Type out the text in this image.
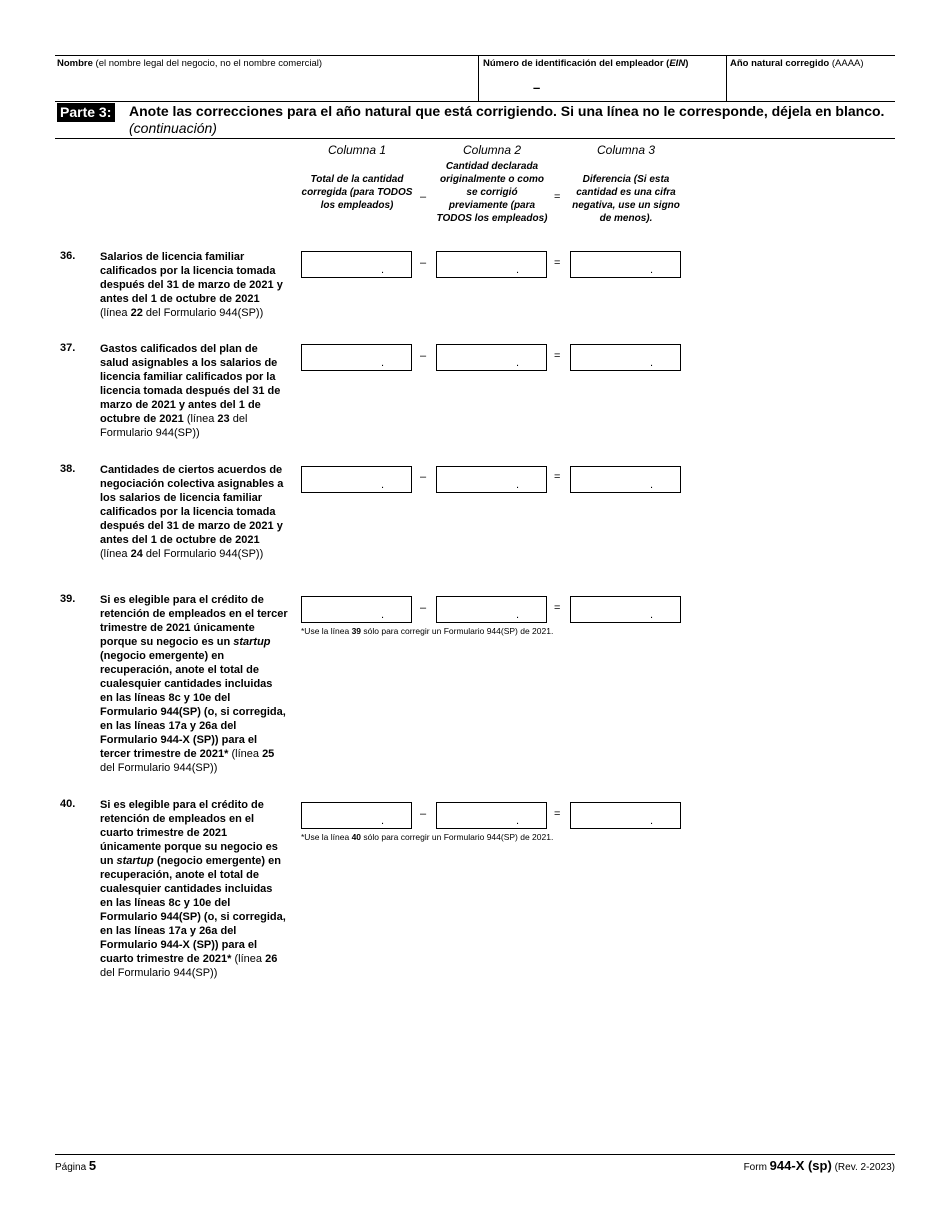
Nombre (el nombre legal del negocio, no el nombre comercial)	Número de identificación del empleador (EIN)
–
Año natural corregido (AAAA)
Parte 3: Anote las correcciones para el año natural que está corrigiendo. Si una línea no le corresponde, déjela en blanco. (continuación)
Columna 1	Columna 2	Columna 3
Total de la cantidad corregida (para TODOS los empleados)
Cantidad declarada originalmente o como se corrigió previamente (para TODOS los empleados)
Diferencia (Si esta cantidad es una cifra negativa, use un signo de menos).
–	=
36. Salarios de licencia familiar calificados por la licencia tomada después del 31 de marzo de 2021 y antes del 1 de octubre de 2021 (línea 22 del Formulario 944(SP))
.
–
.
=
.
37. Gastos calificados del plan de salud asignables a los salarios de licencia familiar calificados por la licencia tomada después del 31 de marzo de 2021 y antes del 1 de octubre de 2021 (línea 23 del Formulario 944(SP))
.
–
.
=
.
38. Cantidades de ciertos acuerdos de negociación colectiva asignables a los salarios de licencia familiar calificados por la licencia tomada después del 31 de marzo de 2021 y antes del 1 de octubre de 2021 (línea 24 del Formulario 944(SP))
.
–
.
=
.
39. Si es elegible para el crédito de retención de empleados en el tercer trimestre de 2021 únicamente porque su negocio es un startup (negocio emergente) en recuperación, anote el total de cualesquier cantidades incluidas en las líneas 8c y 10e del Formulario 944(SP) (o, si corregida, en las líneas 17a y 26a del Formulario 944-X (SP)) para el tercer trimestre de 2021* (línea 25 del Formulario 944(SP))
.
–
.
=
.
*Use la línea 39 sólo para corregir un Formulario 944(SP) de 2021.
40. Si es elegible para el crédito de retención de empleados en el cuarto trimestre de 2021 únicamente porque su negocio es un startup (negocio emergente) en recuperación, anote el total de cualesquier cantidades incluidas en las líneas 8c y 10e del Formulario 944(SP) (o, si corregida, en las líneas 17a y 26a del Formulario 944-X (SP)) para el cuarto trimestre de 2021* (línea 26 del Formulario 944(SP))
.
–
.
=
.
*Use la línea 40 sólo para corregir un Formulario 944(SP) de 2021.
Página 5	Form 944-X (sp) (Rev. 2-2023)
